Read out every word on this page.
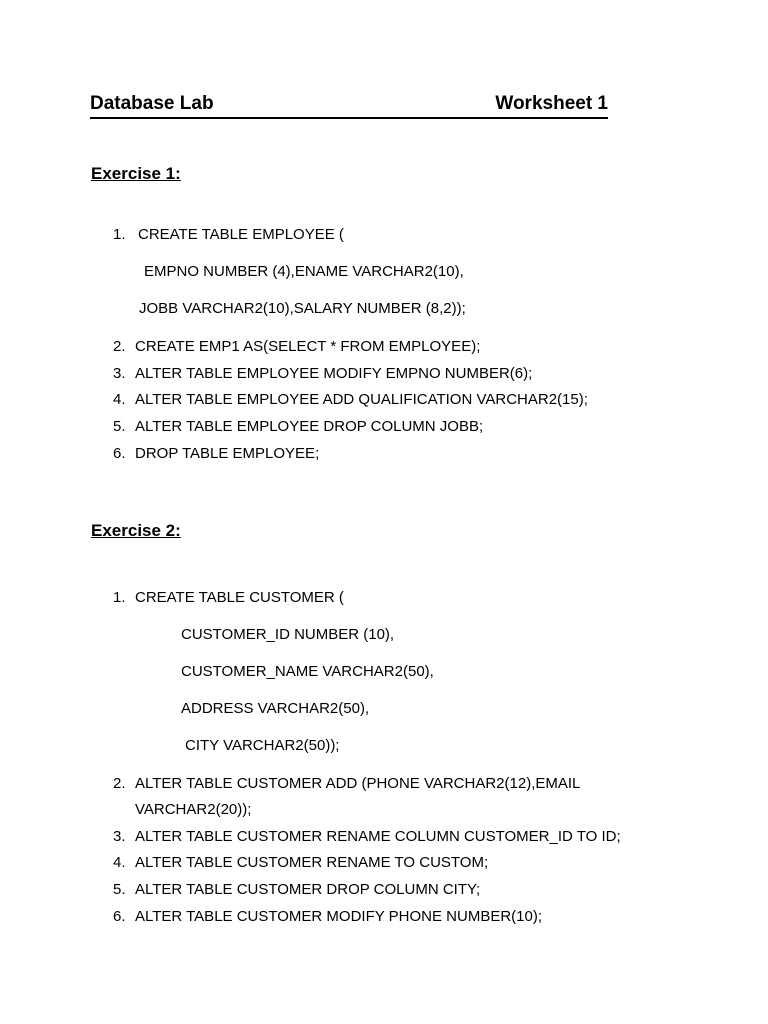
Database Lab	Worksheet 1
Exercise 1:
1. CREATE TABLE EMPLOYEE (
EMPNO NUMBER (4),ENAME VARCHAR2(10),
JOBB VARCHAR2(10),SALARY NUMBER (8,2));
2. CREATE EMP1 AS(SELECT * FROM EMPLOYEE);
3. ALTER TABLE EMPLOYEE MODIFY EMPNO NUMBER(6);
4. ALTER TABLE EMPLOYEE ADD QUALIFICATION VARCHAR2(15);
5. ALTER TABLE EMPLOYEE DROP COLUMN JOBB;
6. DROP TABLE EMPLOYEE;
Exercise 2:
1. CREATE TABLE CUSTOMER (
CUSTOMER_ID NUMBER (10),
CUSTOMER_NAME VARCHAR2(50),
ADDRESS VARCHAR2(50),
CITY VARCHAR2(50));
2. ALTER TABLE CUSTOMER ADD (PHONE VARCHAR2(12),EMAIL
VARCHAR2(20));
3. ALTER TABLE CUSTOMER RENAME COLUMN CUSTOMER_ID TO ID;
4. ALTER TABLE CUSTOMER RENAME TO CUSTOM;
5. ALTER TABLE CUSTOMER DROP COLUMN CITY;
6. ALTER TABLE CUSTOMER MODIFY PHONE NUMBER(10);
